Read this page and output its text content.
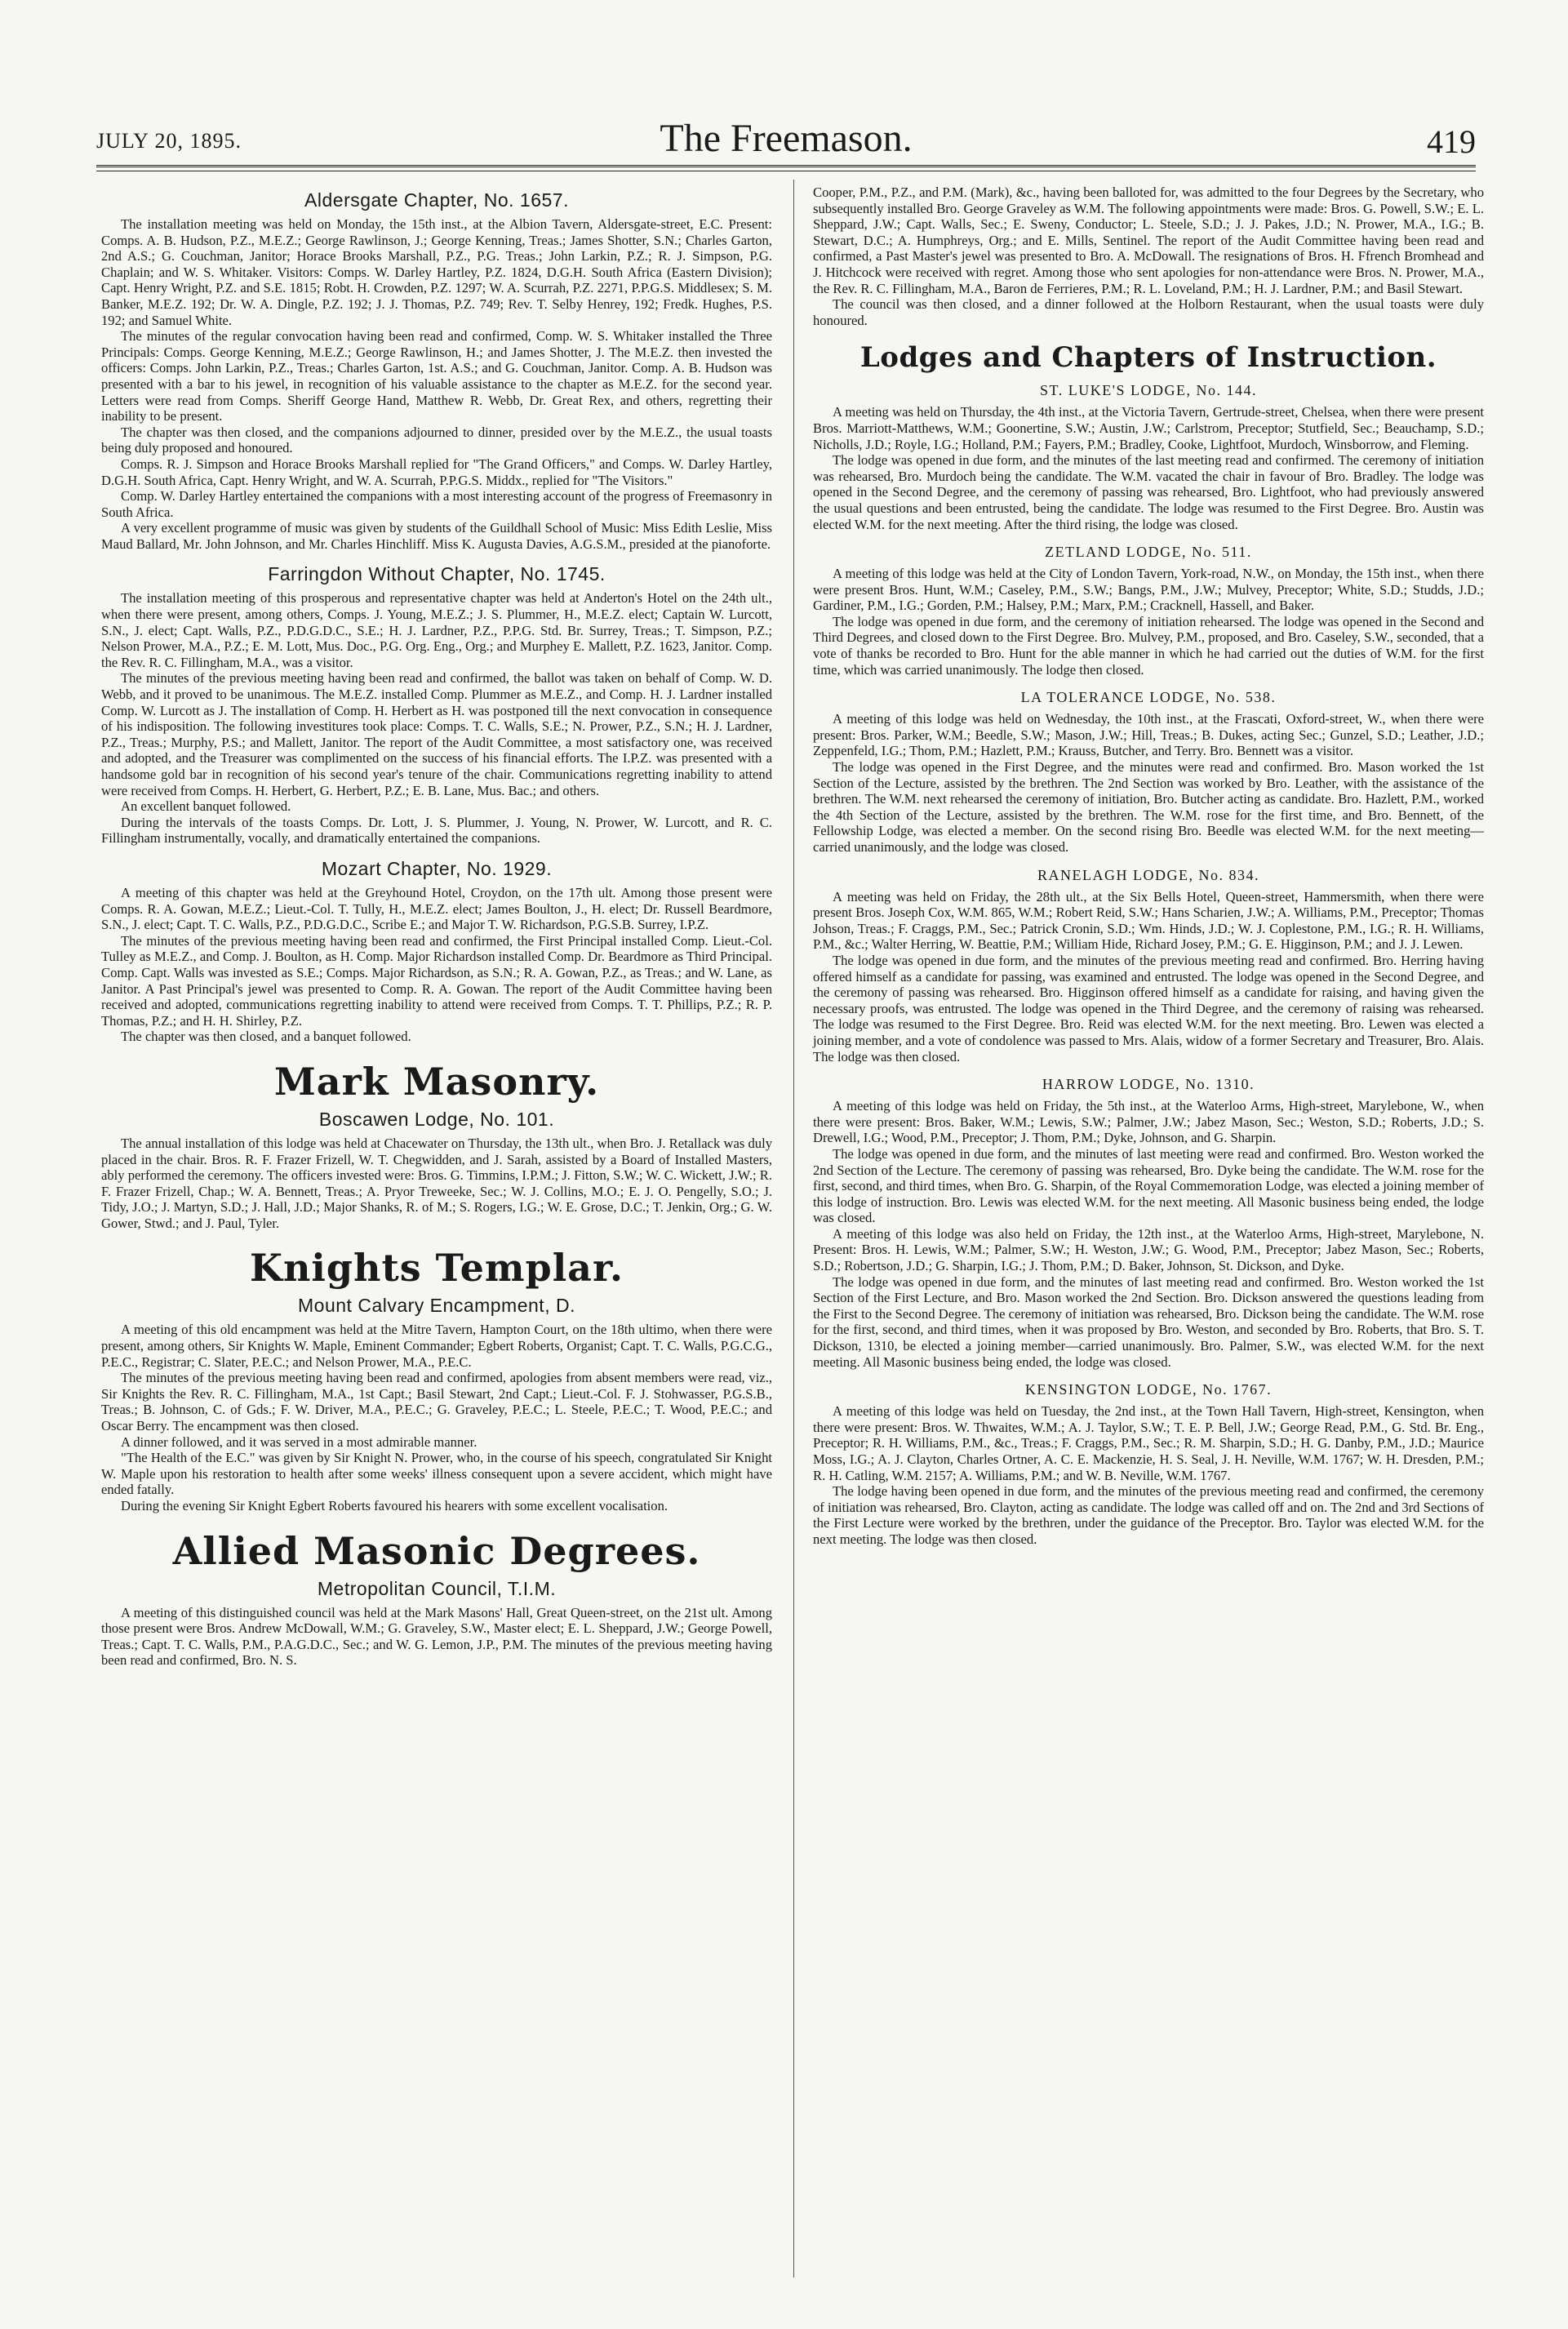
JULY 20, 1895.	The Freemason.	419
Aldersgate Chapter, No. 1657.

The installation meeting was held on Monday, the 15th inst., at the Albion Tavern, Aldersgate-street, E.C. Present: Comps. A. B. Hudson, P.Z., M.E.Z.; George Rawlinson, J.; George Kenning, Treas.; James Shotter, S.N.; Charles Garton, 2nd A.S.; G. Couchman, Janitor; Horace Brooks Marshall, P.Z., P.G. Treas.; John Larkin, P.Z.; R. J. Simpson, P.G. Chaplain; and W. S. Whitaker. Visitors: Comps. W. Darley Hartley, P.Z. 1824, D.G.H. South Africa (Eastern Division); Capt. Henry Wright, P.Z. and S.E. 1815; Robt. H. Crowden, P.Z. 1297; W. A. Scurrah, P.Z. 2271, P.P.G.S. Middlesex; S. M. Banker, M.E.Z. 192; Dr. W. A. Dingle, P.Z. 192; J. J. Thomas, P.Z. 749; Rev. T. Selby Henrey, 192; Fredk. Hughes, P.S. 192; and Samuel White.

The minutes of the regular convocation having been read and confirmed, Comp. W. S. Whitaker installed the Three Principals: Comps. George Kenning, M.E.Z.; George Rawlinson, H.; and James Shotter, J. The M.E.Z. then invested the officers: Comps. John Larkin, P.Z., Treas.; Charles Garton, 1st. A.S.; and G. Couchman, Janitor. Comp. A. B. Hudson was presented with a bar to his jewel, in recognition of his valuable assistance to the chapter as M.E.Z. for the second year. Letters were read from Comps. Sheriff George Hand, Matthew R. Webb, Dr. Great Rex, and others, regretting their inability to be present.

The chapter was then closed, and the companions adjourned to dinner, presided over by the M.E.Z., the usual toasts being duly proposed and honoured.

Comps. R. J. Simpson and Horace Brooks Marshall replied for "The Grand Officers," and Comps. W. Darley Hartley, D.G.H. South Africa, Capt. Henry Wright, and W. A. Scurrah, P.P.G.S. Middx., replied for "The Visitors."

Comp. W. Darley Hartley entertained the companions with a most interesting account of the progress of Freemasonry in South Africa.

A very excellent programme of music was given by students of the Guildhall School of Music: Miss Edith Leslie, Miss Maud Ballard, Mr. John Johnson, and Mr. Charles Hinchliff. Miss K. Augusta Davies, A.G.S.M., presided at the pianoforte.

Farringdon Without Chapter, No. 1745.

The installation meeting of this prosperous and representative chapter was held at Anderton's Hotel on the 24th ult., when there were present, among others, Comps. J. Young, M.E.Z.; J. S. Plummer, H., M.E.Z. elect; Captain W. Lurcott, S.N., J. elect; Capt. Walls, P.Z., P.D.G.D.C., S.E.; H. J. Lardner, P.Z., P.P.G. Std. Br. Surrey, Treas.; T. Simpson, P.Z.; Nelson Prower, M.A., P.Z.; E. M. Lott, Mus. Doc., P.G. Org. Eng., Org.; and Murphey E. Mallett, P.Z. 1623, Janitor. Comp. the Rev. R. C. Fillingham, M.A., was a visitor.

The minutes of the previous meeting having been read and confirmed, the ballot was taken on behalf of Comp. W. D. Webb, and it proved to be unanimous. The M.E.Z. installed Comp. Plummer as M.E.Z., and Comp. H. J. Lardner installed Comp. W. Lurcott as J. The installation of Comp. H. Herbert as H. was postponed till the next convocation in consequence of his indisposition. The following investitures took place: Comps. T. C. Walls, S.E.; N. Prower, P.Z., S.N.; H. J. Lardner, P.Z., Treas.; Murphy, P.S.; and Mallett, Janitor. The report of the Audit Committee, a most satisfactory one, was received and adopted, and the Treasurer was complimented on the success of his financial efforts. The I.P.Z. was presented with a handsome gold bar in recognition of his second year's tenure of the chair. Communications regretting inability to attend were received from Comps. H. Herbert, G. Herbert, P.Z.; E. B. Lane, Mus. Bac.; and others.

An excellent banquet followed.

During the intervals of the toasts Comps. Dr. Lott, J. S. Plummer, J. Young, N. Prower, W. Lurcott, and R. C. Fillingham instrumentally, vocally, and dramatically entertained the companions.

Mozart Chapter, No. 1929.

A meeting of this chapter was held at the Greyhound Hotel, Croydon, on the 17th ult. Among those present were Comps. R. A. Gowan, M.E.Z.; Lieut.-Col. T. Tully, H., M.E.Z. elect; James Boulton, J., H. elect; Dr. Russell Beardmore, S.N., J. elect; Capt. T. C. Walls, P.Z., P.D.G.D.C., Scribe E.; and Major T. W. Richardson, P.G.S.B. Surrey, I.P.Z.

The minutes of the previous meeting having been read and confirmed, the First Principal installed Comp. Lieut.-Col. Tulley as M.E.Z., and Comp. J. Boulton, as H. Comp. Major Richardson installed Comp. Dr. Beardmore as Third Principal. Comp. Capt. Walls was invested as S.E.; Comps. Major Richardson, as S.N.; R. A. Gowan, P.Z., as Treas.; and W. Lane, as Janitor. A Past Principal's jewel was presented to Comp. R. A. Gowan. The report of the Audit Committee having been received and adopted, communications regretting inability to attend were received from Comps. T. T. Phillips, P.Z.; R. P. Thomas, P.Z.; and H. H. Shirley, P.Z.

The chapter was then closed, and a banquet followed.

Mark Masonry.
Boscawen Lodge, No. 101.

The annual installation of this lodge was held at Chacewater on Thursday, the 13th ult., when Bro. J. Retallack was duly placed in the chair. Bros. R. F. Frazer Frizell, W. T. Chegwidden, and J. Sarah, assisted by a Board of Installed Masters, ably performed the ceremony. The officers invested were: Bros. G. Timmins, I.P.M.; J. Fitton, S.W.; W. C. Wickett, J.W.; R. F. Frazer Frizell, Chap.; W. A. Bennett, Treas.; A. Pryor Treweeke, Sec.; W. J. Collins, M.O.; E. J. O. Pengelly, S.O.; J. Tidy, J.O.; J. Martyn, S.D.; J. Hall, J.D.; Major Shanks, R. of M.; S. Rogers, I.G.; W. E. Grose, D.C.; T. Jenkin, Org.; G. W. Gower, Stwd.; and J. Paul, Tyler.

Knights Templar.
Mount Calvary Encampment, D.

A meeting of this old encampment was held at the Mitre Tavern, Hampton Court, on the 18th ultimo, when there were present, among others, Sir Knights W. Maple, Eminent Commander; Egbert Roberts, Organist; Capt. T. C. Walls, P.G.C.G., P.E.C., Registrar; C. Slater, P.E.C.; and Nelson Prower, M.A., P.E.C.

The minutes of the previous meeting having been read and confirmed, apologies from absent members were read, viz., Sir Knights the Rev. R. C. Fillingham, M.A., 1st Capt.; Basil Stewart, 2nd Capt.; Lieut.-Col. F. J. Stohwasser, P.G.S.B., Treas.; B. Johnson, C. of Gds.; F. W. Driver, M.A., P.E.C.; G. Graveley, P.E.C.; L. Steele, P.E.C.; T. Wood, P.E.C.; and Oscar Berry. The encampment was then closed.

A dinner followed, and it was served in a most admirable manner.

"The Health of the E.C." was given by Sir Knight N. Prower, who, in the course of his speech, congratulated Sir Knight W. Maple upon his restoration to health after some weeks' illness consequent upon a severe accident, which might have ended fatally.

During the evening Sir Knight Egbert Roberts favoured his hearers with some excellent vocalisation.

Allied Masonic Degrees.
Metropolitan Council, T.I.M.

A meeting of this distinguished council was held at the Mark Masons' Hall, Great Queen-street, on the 21st ult. Among those present were Bros. Andrew McDowall, W.M.; G. Graveley, S.W., Master elect; E. L. Sheppard, J.W.; George Powell, Treas.; Capt. T. C. Walls, P.M., P.A.G.D.C., Sec.; and W. G. Lemon, J.P., P.M. The minutes of the previous meeting having been read and confirmed, Bro. N. S.

Cooper, P.M., P.Z., and P.M. (Mark), &c., having been balloted for, was admitted to the four Degrees by the Secretary, who subsequently installed Bro. George Graveley as W.M. The following appointments were made: Bros. G. Powell, S.W.; E. L. Sheppard, J.W.; Capt. Walls, Sec.; E. Sweny, Conductor; L. Steele, S.D.; J. J. Pakes, J.D.; N. Prower, M.A., I.G.; B. Stewart, D.C.; A. Humphreys, Org.; and E. Mills, Sentinel. The report of the Audit Committee having been read and confirmed, a Past Master's jewel was presented to Bro. A. McDowall. The resignations of Bros. H. Ffrench Bromhead and J. Hitchcock were received with regret. Among those who sent apologies for non-attendance were Bros. N. Prower, M.A., the Rev. R. C. Fillingham, M.A., Baron de Ferrieres, P.M.; R. L. Loveland, P.M.; H. J. Lardner, P.M.; and Basil Stewart.

The council was then closed, and a dinner followed at the Holborn Restaurant, when the usual toasts were duly honoured.

Lodges and Chapters of Instruction.
ST. LUKE'S LODGE, No. 144.

A meeting was held on Thursday, the 4th inst., at the Victoria Tavern, Gertrude-street, Chelsea, when there were present Bros. Marriott-Matthews, W.M.; Goonertine, S.W.; Austin, J.W.; Carlstrom, Preceptor; Stutfield, Sec.; Beauchamp, S.D.; Nicholls, J.D.; Royle, I.G.; Holland, P.M.; Fayers, P.M.; Bradley, Cooke, Lightfoot, Murdoch, Winsborrow, and Fleming.

The lodge was opened in due form, and the minutes of the last meeting read and confirmed. The ceremony of initiation was rehearsed, Bro. Murdoch being the candidate. The W.M. vacated the chair in favour of Bro. Bradley. The lodge was opened in the Second Degree, and the ceremony of passing was rehearsed, Bro. Lightfoot, who had previously answered the usual questions and been entrusted, being the candidate. The lodge was resumed to the First Degree. Bro. Austin was elected W.M. for the next meeting. After the third rising, the lodge was closed.

ZETLAND LODGE, No. 511.

A meeting of this lodge was held at the City of London Tavern, York-road, N.W., on Monday, the 15th inst., when there were present Bros. Hunt, W.M.; Caseley, P.M., S.W.; Bangs, P.M., J.W.; Mulvey, Preceptor; White, S.D.; Studds, J.D.; Gardiner, P.M., I.G.; Gorden, P.M.; Halsey, P.M.; Marx, P.M.; Cracknell, Hassell, and Baker.

The lodge was opened in due form, and the ceremony of initiation rehearsed. The lodge was opened in the Second and Third Degrees, and closed down to the First Degree. Bro. Mulvey, P.M., proposed, and Bro. Caseley, S.W., seconded, that a vote of thanks be recorded to Bro. Hunt for the able manner in which he had carried out the duties of W.M. for the first time, which was carried unanimously. The lodge then closed.

LA TOLERANCE LODGE, No. 538.

A meeting of this lodge was held on Wednesday, the 10th inst., at the Frascati, Oxford-street, W., when there were present: Bros. Parker, W.M.; Beedle, S.W.; Mason, J.W.; Hill, Treas.; B. Dukes, acting Sec.; Gunzel, S.D.; Leather, J.D.; Zeppenfeld, I.G.; Thom, P.M.; Hazlett, P.M.; Krauss, Butcher, and Terry. Bro. Bennett was a visitor.

The lodge was opened in the First Degree, and the minutes were read and confirmed. Bro. Mason worked the 1st Section of the Lecture, assisted by the brethren. The 2nd Section was worked by Bro. Leather, with the assistance of the brethren. The W.M. next rehearsed the ceremony of initiation, Bro. Butcher acting as candidate. Bro. Hazlett, P.M., worked the 4th Section of the Lecture, assisted by the brethren. The W.M. rose for the first time, and Bro. Bennett, of the Fellowship Lodge, was elected a member. On the second rising Bro. Beedle was elected W.M. for the next meeting—carried unanimously, and the lodge was closed.

RANELAGH LODGE, No. 834.

A meeting was held on Friday, the 28th ult., at the Six Bells Hotel, Queen-street, Hammersmith, when there were present Bros. Joseph Cox, W.M. 865, W.M.; Robert Reid, S.W.; Hans Scharien, J.W.; A. Williams, P.M., Preceptor; Thomas Johson, Treas.; F. Craggs, P.M., Sec.; Patrick Cronin, S.D.; Wm. Hinds, J.D.; W. J. Coplestone, P.M., I.G.; R. H. Williams, P.M., &c.; Walter Herring, W. Beattie, P.M.; William Hide, Richard Josey, P.M.; G. E. Higginson, P.M.; and J. J. Lewen.

The lodge was opened in due form, and the minutes of the previous meeting read and confirmed. Bro. Herring having offered himself as a candidate for passing, was examined and entrusted. The lodge was opened in the Second Degree, and the ceremony of passing was rehearsed. Bro. Higginson offered himself as a candidate for raising, and having given the necessary proofs, was entrusted. The lodge was opened in the Third Degree, and the ceremony of raising was rehearsed. The lodge was resumed to the First Degree. Bro. Reid was elected W.M. for the next meeting. Bro. Lewen was elected a joining member, and a vote of condolence was passed to Mrs. Alais, widow of a former Secretary and Treasurer, Bro. Alais. The lodge was then closed.

HARROW LODGE, No. 1310.

A meeting of this lodge was held on Friday, the 5th inst., at the Waterloo Arms, High-street, Marylebone, W., when there were present: Bros. Baker, W.M.; Lewis, S.W.; Palmer, J.W.; Jabez Mason, Sec.; Weston, S.D.; Roberts, J.D.; S. Drewell, I.G.; Wood, P.M., Preceptor; J. Thom, P.M.; Dyke, Johnson, and G. Sharpin.

The lodge was opened in due form, and the minutes of last meeting were read and confirmed. Bro. Weston worked the 2nd Section of the Lecture. The ceremony of passing was rehearsed, Bro. Dyke being the candidate. The W.M. rose for the first, second, and third times, when Bro. G. Sharpin, of the Royal Commemoration Lodge, was elected a joining member of this lodge of instruction. Bro. Lewis was elected W.M. for the next meeting. All Masonic business being ended, the lodge was closed.

A meeting of this lodge was also held on Friday, the 12th inst., at the Waterloo Arms, High-street, Marylebone, N. Present: Bros. H. Lewis, W.M.; Palmer, S.W.; H. Weston, J.W.; G. Wood, P.M., Preceptor; Jabez Mason, Sec.; Roberts, S.D.; Robertson, J.D.; G. Sharpin, I.G.; J. Thom, P.M.; D. Baker, Johnson, St. Dickson, and Dyke.

The lodge was opened in due form, and the minutes of last meeting read and confirmed. Bro. Weston worked the 1st Section of the First Lecture, and Bro. Mason worked the 2nd Section. Bro. Dickson answered the questions leading from the First to the Second Degree. The ceremony of initiation was rehearsed, Bro. Dickson being the candidate. The W.M. rose for the first, second, and third times, when it was proposed by Bro. Weston, and seconded by Bro. Roberts, that Bro. S. T. Dickson, 1310, be elected a joining member—carried unanimously. Bro. Palmer, S.W., was elected W.M. for the next meeting. All Masonic business being ended, the lodge was closed.

KENSINGTON LODGE, No. 1767.

A meeting of this lodge was held on Tuesday, the 2nd inst., at the Town Hall Tavern, High-street, Kensington, when there were present: Bros. W. Thwaites, W.M.; A. J. Taylor, S.W.; T. E. P. Bell, J.W.; George Read, P.M., G. Std. Br. Eng., Preceptor; R. H. Williams, P.M., &c., Treas.; F. Craggs, P.M., Sec.; R. M. Sharpin, S.D.; H. G. Danby, P.M., J.D.; Maurice Moss, I.G.; A. J. Clayton, Charles Ortner, A. C. E. Mackenzie, H. S. Seal, J. H. Neville, W.M. 1767; W. H. Dresden, P.M.; R. H. Catling, W.M. 2157; A. Williams, P.M.; and W. B. Neville, W.M. 1767.

The lodge having been opened in due form, and the minutes of the previous meeting read and confirmed, the ceremony of initiation was rehearsed, Bro. Clayton, acting as candidate. The lodge was called off and on. The 2nd and 3rd Sections of the First Lecture were worked by the brethren, under the guidance of the Preceptor. Bro. Taylor was elected W.M. for the next meeting. The lodge was then closed.
